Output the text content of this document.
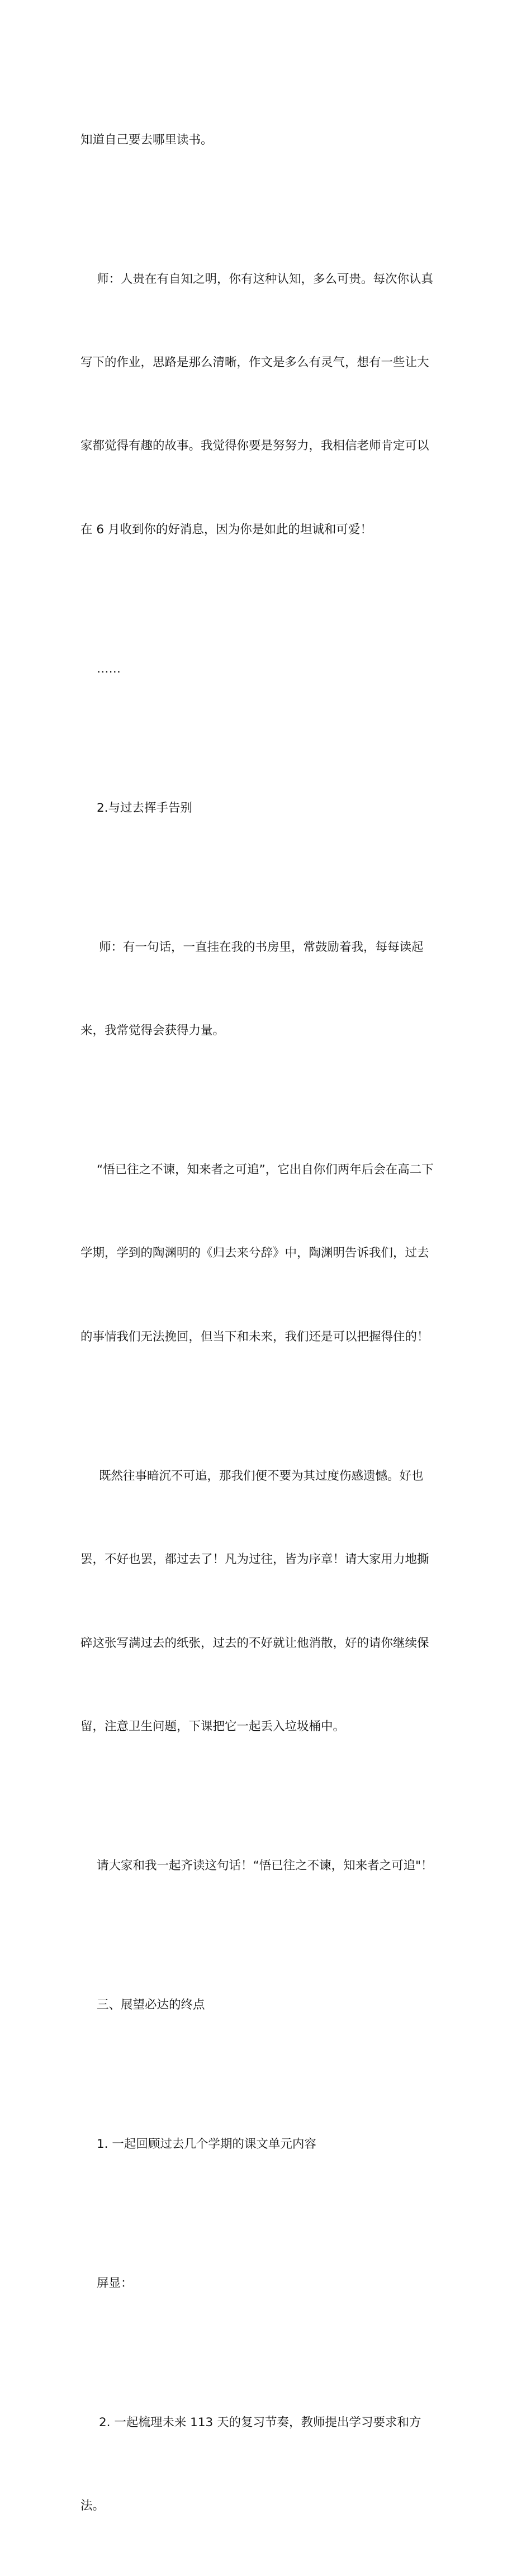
知道自己要去哪里读书。

师：人贵在有自知之明，你有这种认知，多么可贵。每次你认真

写下的作业，思路是那么清晰，作文是多么有灵气，想有一些让大

家都觉得有趣的故事。我觉得你要是努努力，我相信老师肯定可以

在 6 月收到你的好消息，因为你是如此的坦诚和可爱！

……

2.与过去挥手告别

师：有一句话，一直挂在我的书房里，常鼓励着我，每每读起

来，我常觉得会获得力量。

“悟已往之不谏，知来者之可追”，它出自你们两年后会在高二下

学期，学到的陶渊明的《归去来兮辞》中，陶渊明告诉我们，过去

的事情我们无法挽回，但当下和未来，我们还是可以把握得住的！

既然往事暗沉不可追，那我们便不要为其过度伤感遗憾。好也

罢，不好也罢，都过去了！凡为过往，皆为序章！请大家用力地撕

碎这张写满过去的纸张，过去的不好就让他消散，好的请你继续保

留，注意卫生问题，下课把它一起丢入垃圾桶中。

请大家和我一起齐读这句话！“悟已往之不谏，知来者之可追"！

三、展望必达的终点

1. 一起回顾过去几个学期的课文单元内容

屏显：

2. 一起梳理未来 113 天的复习节奏，教师提出学习要求和方

法。
